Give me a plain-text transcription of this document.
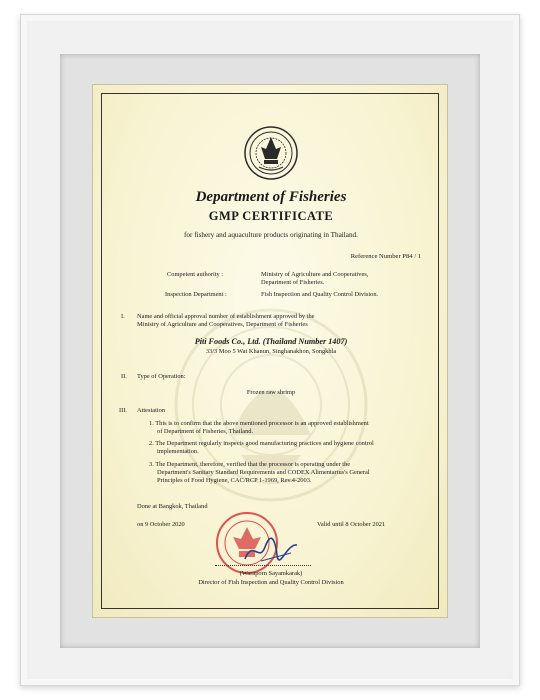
Department of Fisheries
GMP CERTIFICATE
for fishery and aquaculture products originating in Thailand.
Reference Number P84 / 1
Competent authority :	Ministry of Agriculture and Cooperatives,
Department of Fisheries.
Inspection Department :	Fish Inspection and Quality Control Division.
I. Name and official approval number of establishment approved by the
Ministry of Agriculture and Cooperatives, Department of Fisheries
Piti Foods Co., Ltd. (Thailand Number 1407)
33/3 Moo 5 Wat Khanun, Singhanakhon, Songkhla
II. Type of Operation:
Frozen raw shrimp
III. Attestation
1. This is to confirm that the above mentioned processor is an approved establishment
of Department of Fisheries, Thailand.
2. The Department regularly inspects good manufacturing practices and hygiene control
implementation.
3. The Department, therefore, verified that the processor is operating under the
Department's Sanitary Standard Requirements and CODEX Alimentarius's General
Principles of Food Hygiene, CAC/RCP 1-1969, Rev.4-2003.
Done at Bangkok, Thailand
on 9 October 2020	Valid until 8 October 2021
(Waraporn Sayamkarak)
Director of Fish Inspection and Quality Control Division
